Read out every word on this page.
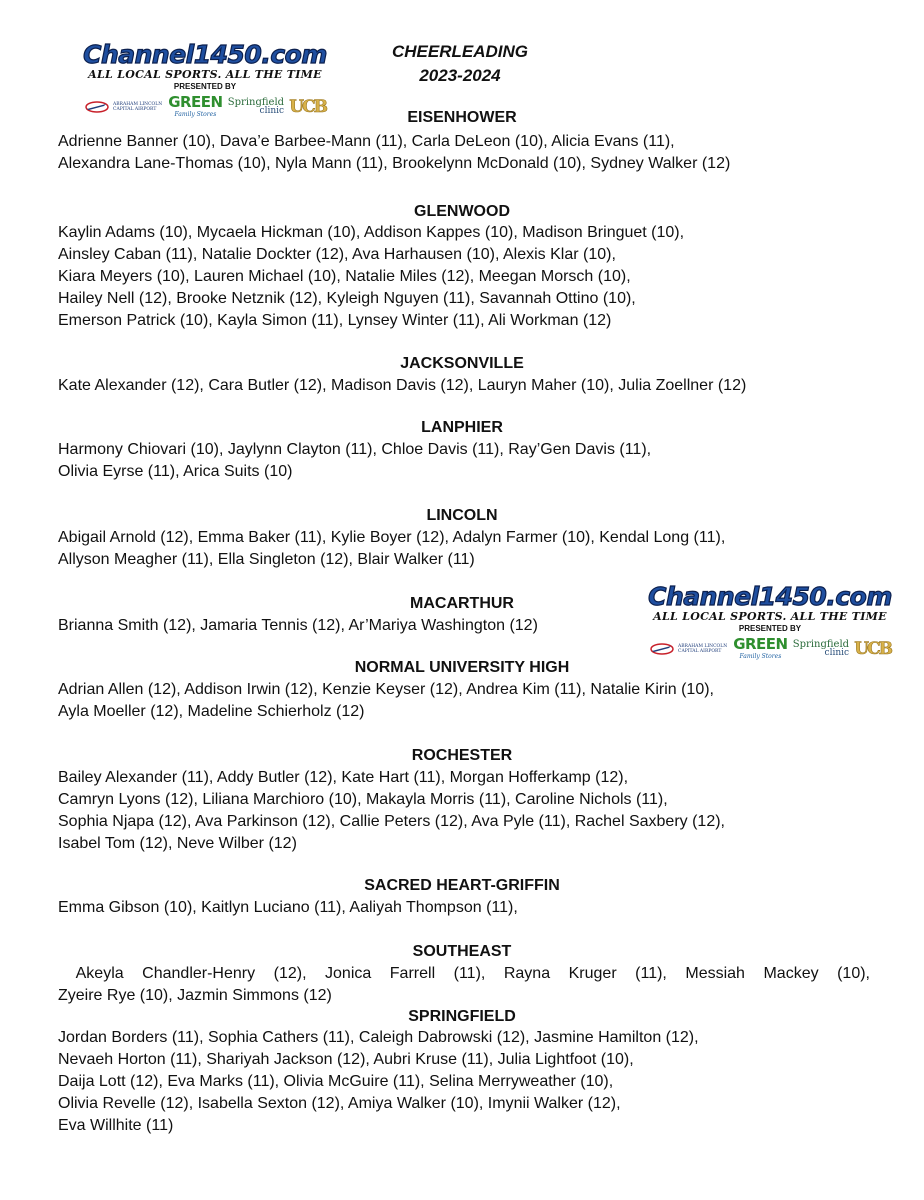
Channel1450.com
ALL LOCAL SPORTS. ALL THE TIME
PRESENTED BY
ABRAHAM LINCOLN CAPITAL AIRPORT GREEN
Family Stores
Springfield
clinic UCB
Channel1450.com
ALL LOCAL SPORTS. ALL THE TIME
PRESENTED BY
ABRAHAM LINCOLN CAPITAL AIRPORT GREEN
Family Stores
Springfield
clinic UCB
CHEERLEADING
2023-2024
EISENHOWER
Adrienne Banner (10), Dava’e Barbee-Mann (11), Carla DeLeon (10), Alicia Evans (11),
Alexandra Lane-Thomas (10), Nyla Mann (11), Brookelynn McDonald (10), Sydney Walker (12)
GLENWOOD
Kaylin Adams (10), Mycaela Hickman (10), Addison Kappes (10), Madison Bringuet (10),
Ainsley Caban (11), Natalie Dockter (12), Ava Harhausen (10), Alexis Klar (10),
Kiara Meyers (10), Lauren Michael (10), Natalie Miles (12), Meegan Morsch (10),
Hailey Nell (12), Brooke Netznik (12), Kyleigh Nguyen (11), Savannah Ottino (10),
Emerson Patrick (10), Kayla Simon (11), Lynsey Winter (11), Ali Workman (12)
JACKSONVILLE
Kate Alexander (12), Cara Butler (12), Madison Davis (12), Lauryn Maher (10), Julia Zoellner (12)
LANPHIER
Harmony Chiovari (10), Jaylynn Clayton (11), Chloe Davis (11), Ray’Gen Davis (11),
Olivia Eyrse (11), Arica Suits (10)
LINCOLN
Abigail Arnold (12), Emma Baker (11), Kylie Boyer (12), Adalyn Farmer (10), Kendal Long (11),
Allyson Meagher (11), Ella Singleton (12), Blair Walker (11)
MACARTHUR
Brianna Smith (12), Jamaria Tennis (12), Ar’Mariya Washington (12)
NORMAL UNIVERSITY HIGH
Adrian Allen (12), Addison Irwin (12), Kenzie Keyser (12), Andrea Kim (11), Natalie Kirin (10),
Ayla Moeller (12), Madeline Schierholz (12)
ROCHESTER
Bailey Alexander (11), Addy Butler (12), Kate Hart (11), Morgan Hofferkamp (12),
Camryn Lyons (12), Liliana Marchioro (10), Makayla Morris (11), Caroline Nichols (11),
Sophia Njapa (12), Ava Parkinson (12), Callie Peters (12), Ava Pyle (11), Rachel Saxbery (12),
Isabel Tom (12), Neve Wilber (12)
SACRED HEART-GRIFFIN
Emma Gibson (10), Kaitlyn Luciano (11), Aaliyah Thompson (11),
SOUTHEAST
Akeyla Chandler-Henry (12), Jonica Farrell (11), Rayna Kruger (11), Messiah Mackey (10),
Zyeire Rye (10), Jazmin Simmons (12)
SPRINGFIELD
Jordan Borders (11), Sophia Cathers (11), Caleigh Dabrowski (12), Jasmine Hamilton (12),
Nevaeh Horton (11), Shariyah Jackson (12), Aubri Kruse (11), Julia Lightfoot (10),
Daija Lott (12), Eva Marks (11), Olivia McGuire (11), Selina Merryweather (10),
Olivia Revelle (12), Isabella Sexton (12), Amiya Walker (10), Imynii Walker (12),
Eva Willhite (11)
